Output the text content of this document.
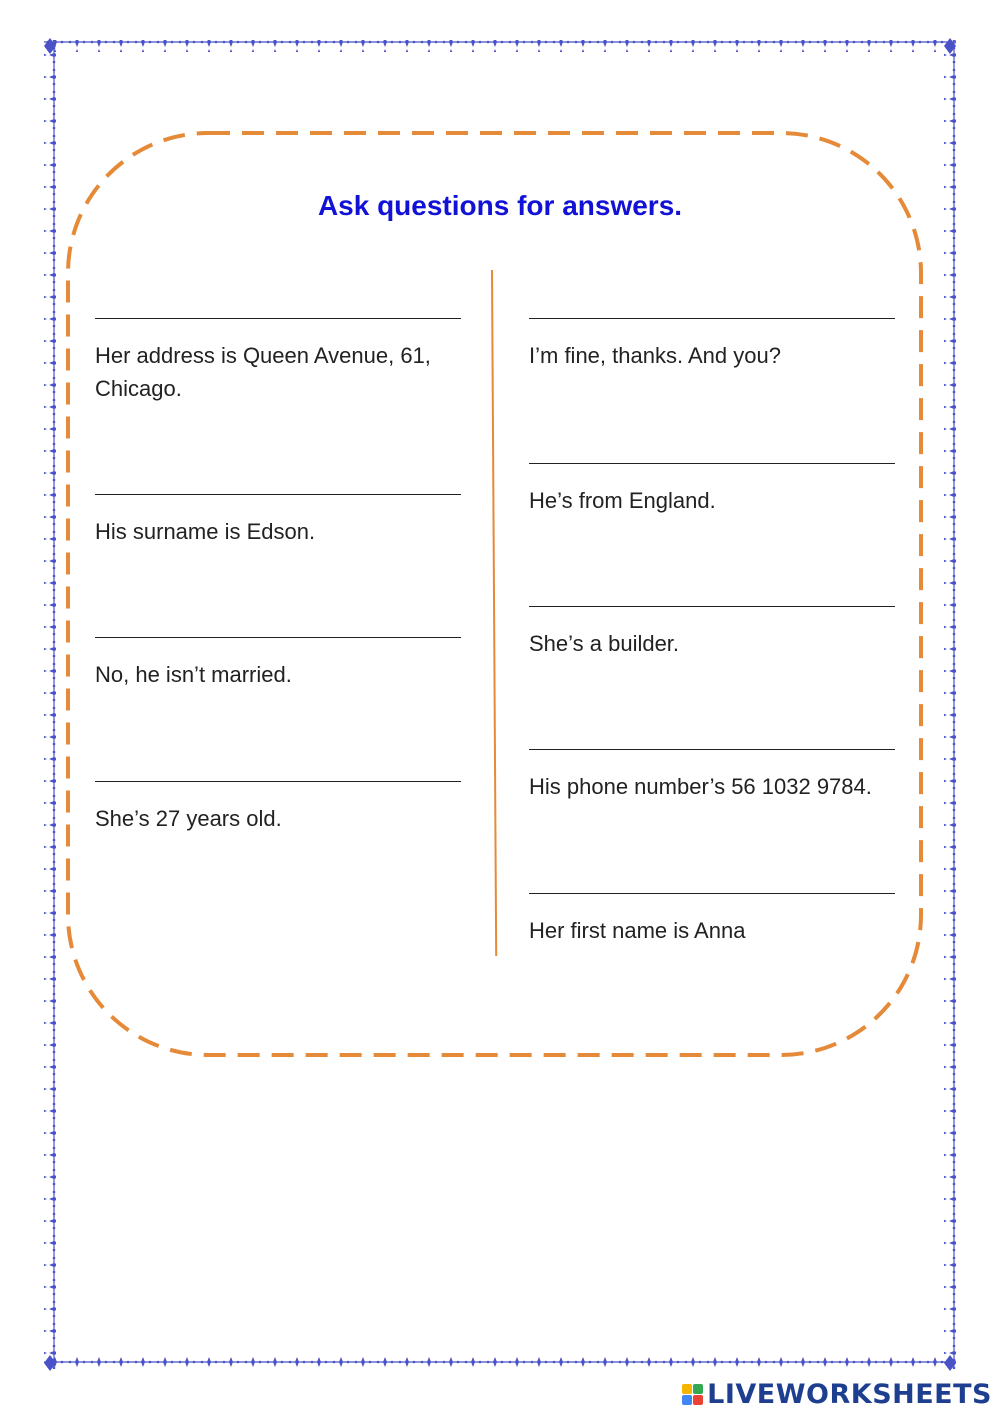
Ask questions for answers.
Her address is Queen Avenue, 61, Chicago.
His surname is Edson.
No, he isn’t married.
She’s 27 years old.
I’m fine, thanks. And you?
He’s from England.
She’s a builder.
His phone number’s 56 1032 9784.
Her first name is Anna
LIVEWORKSHEETS
